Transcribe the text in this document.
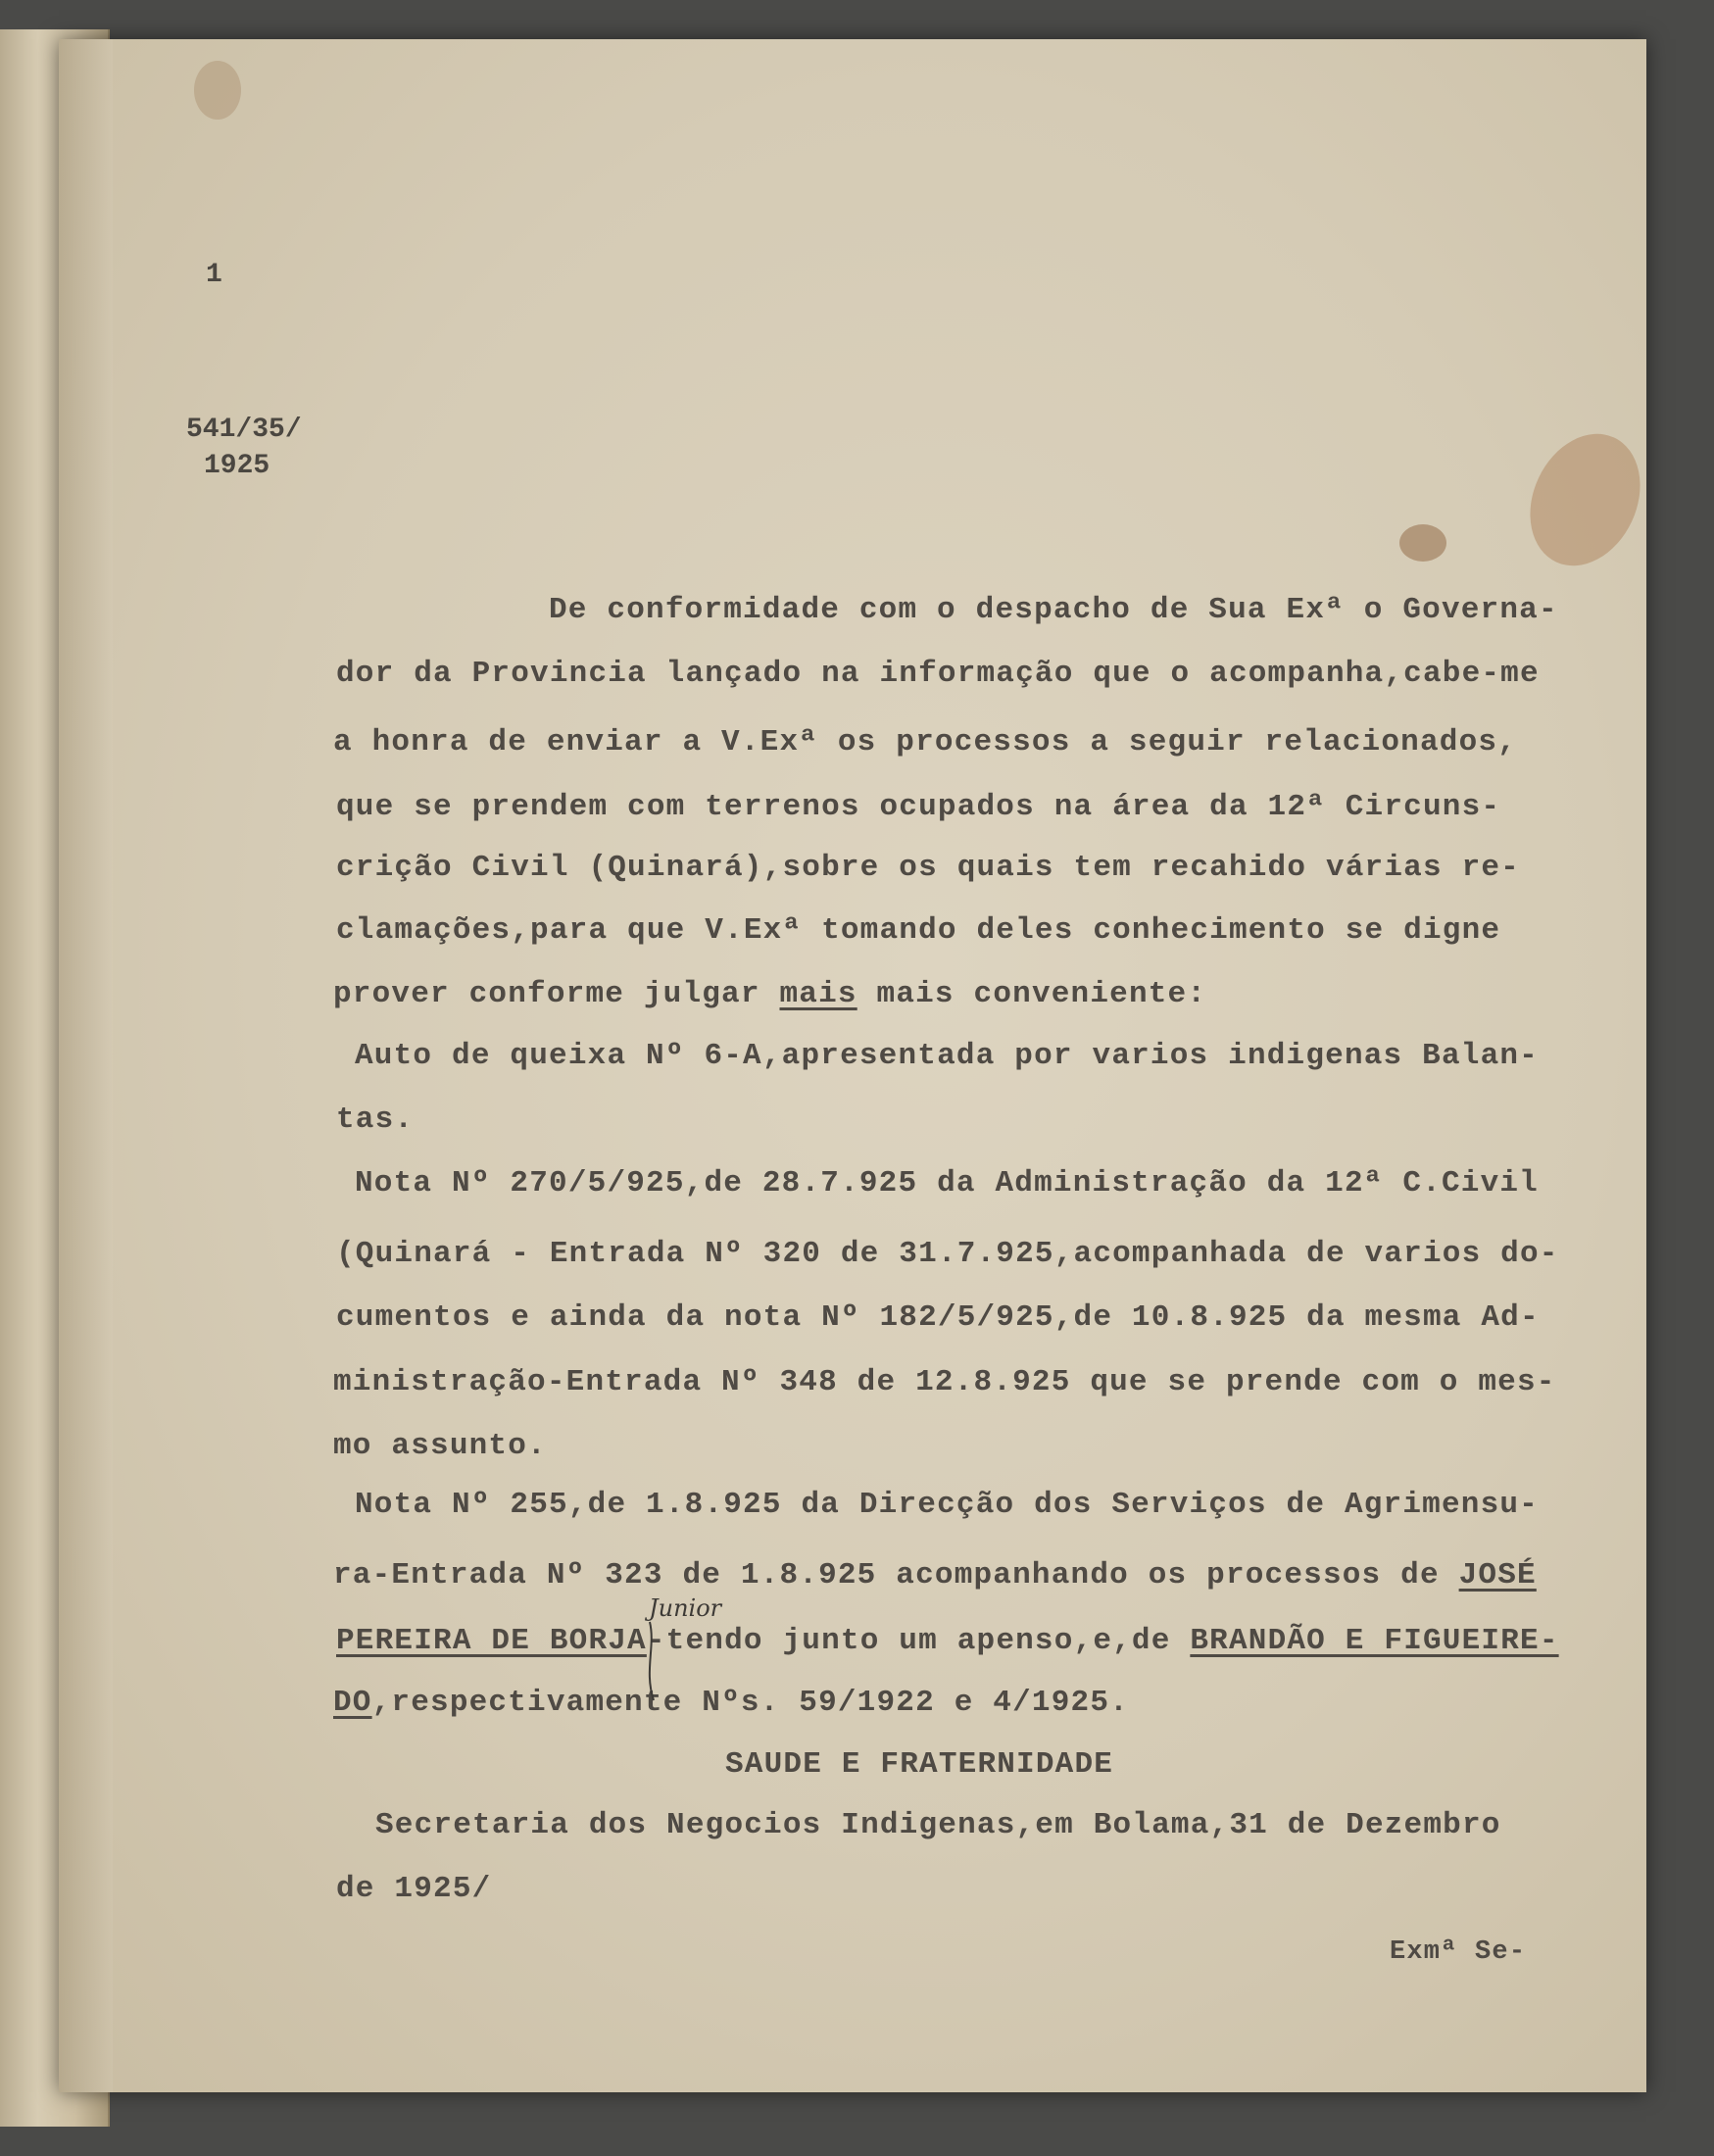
1
541/35/
1925
De conformidade com o despacho de Sua Exª o Governa-
dor da Provincia lançado na informação que o acompanha,cabe-me
a honra de enviar a V.Exª os processos a seguir relacionados,
que se prendem com terrenos ocupados na área da 12ª Circuns-
crição Civil (Quinará),sobre os quais tem recahido várias re-
clamações,para que V.Exª tomando deles conhecimento se digne
prover conforme julgar mais mais conveniente:
Auto de queixa Nº 6-A,apresentada por varios indigenas Balan-
tas.
Nota Nº 270/5/925,de 28.7.925 da Administração da 12ª C.Civil
(Quinará - Entrada Nº 320 de 31.7.925,acompanhada de varios do-
cumentos e ainda da nota Nº 182/5/925,de 10.8.925 da mesma Ad-
ministração-Entrada Nº 348 de 12.8.925 que se prende com o mes-
mo assunto.
Nota Nº 255,de 1.8.925 da Direcção dos Serviços de Agrimensu-
ra-Entrada Nº 323 de 1.8.925 acompanhando os processos de JOSÉ
PEREIRA DE BORJA-tendo junto um apenso,e,de BRANDÃO E FIGUEIRE-
DO,respectivamente Nºs. 59/1922 e 4/1925.
Junior
SAUDE E FRATERNIDADE
Secretaria dos Negocios Indigenas,em Bolama,31 de Dezembro
de 1925/
Exmª Se-
